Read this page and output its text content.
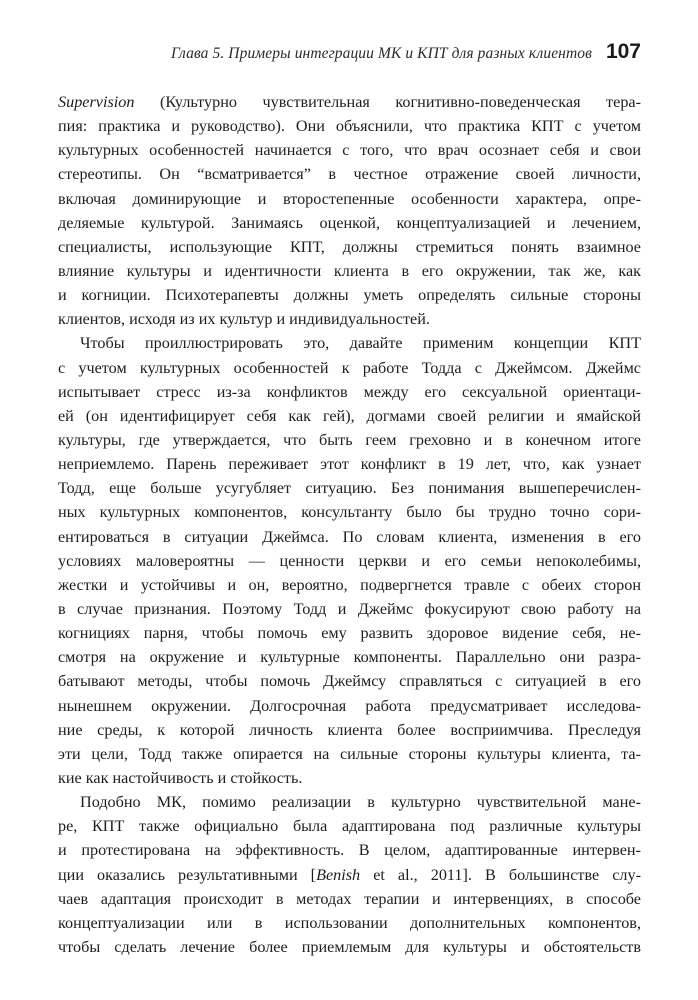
Глава 5. Примеры интеграции МК и КПТ для разных клиентов 107
Supervision (Культурно чувствительная когнитивно-поведенческая тера-
пия: практика и руководство). Они объяснили, что практика КПТ с учетом
культурных особенностей начинается с того, что врач осознает себя и свои
стереотипы. Он “всматривается” в честное отражение своей личности,
включая доминирующие и второстепенные особенности характера, опре-
деляемые культурой. Занимаясь оценкой, концептуализацией и лечением,
специалисты, использующие КПТ, должны стремиться понять взаимное
влияние культуры и идентичности клиента в его окружении, так же, как
и когниции. Психотерапевты должны уметь определять сильные стороны
клиентов, исходя из их культур и индивидуальностей.
Чтобы проиллюстрировать это, давайте применим концепции КПТ
с учетом культурных особенностей к работе Тодда с Джеймсом. Джеймс
испытывает стресс из-за конфликтов между его сексуальной ориентаци-
ей (он идентифицирует себя как гей), догмами своей религии и ямайской
культуры, где утверждается, что быть геем греховно и в конечном итоге
неприемлемо. Парень переживает этот конфликт в 19 лет, что, как узнает
Тодд, еще больше усугубляет ситуацию. Без понимания вышеперечислен-
ных культурных компонентов, консультанту было бы трудно точно сори-
ентироваться в ситуации Джеймса. По словам клиента, изменения в его
условиях маловероятны — ценности церкви и его семьи непоколебимы,
жестки и устойчивы и он, вероятно, подвергнется травле с обеих сторон
в случае признания. Поэтому Тодд и Джеймс фокусируют свою работу на
когнициях парня, чтобы помочь ему развить здоровое видение себя, не-
смотря на окружение и культурные компоненты. Параллельно они разра-
батывают методы, чтобы помочь Джеймсу справляться с ситуацией в его
нынешнем окружении. Долгосрочная работа предусматривает исследова-
ние среды, к которой личность клиента более восприимчива. Преследуя
эти цели, Тодд также опирается на сильные стороны культуры клиента, та-
кие как настойчивость и стойкость.
Подобно МК, помимо реализации в культурно чувствительной мане-
ре, КПТ также официально была адаптирована под различные культуры
и протестирована на эффективность. В целом, адаптированные интервен-
ции оказались результативными [Benish et al., 2011]. В большинстве слу-
чаев адаптация происходит в методах терапии и интервенциях, в способе
концептуализации или в использовании дополнительных компонентов,
чтобы сделать лечение более приемлемым для культуры и обстоятельств
